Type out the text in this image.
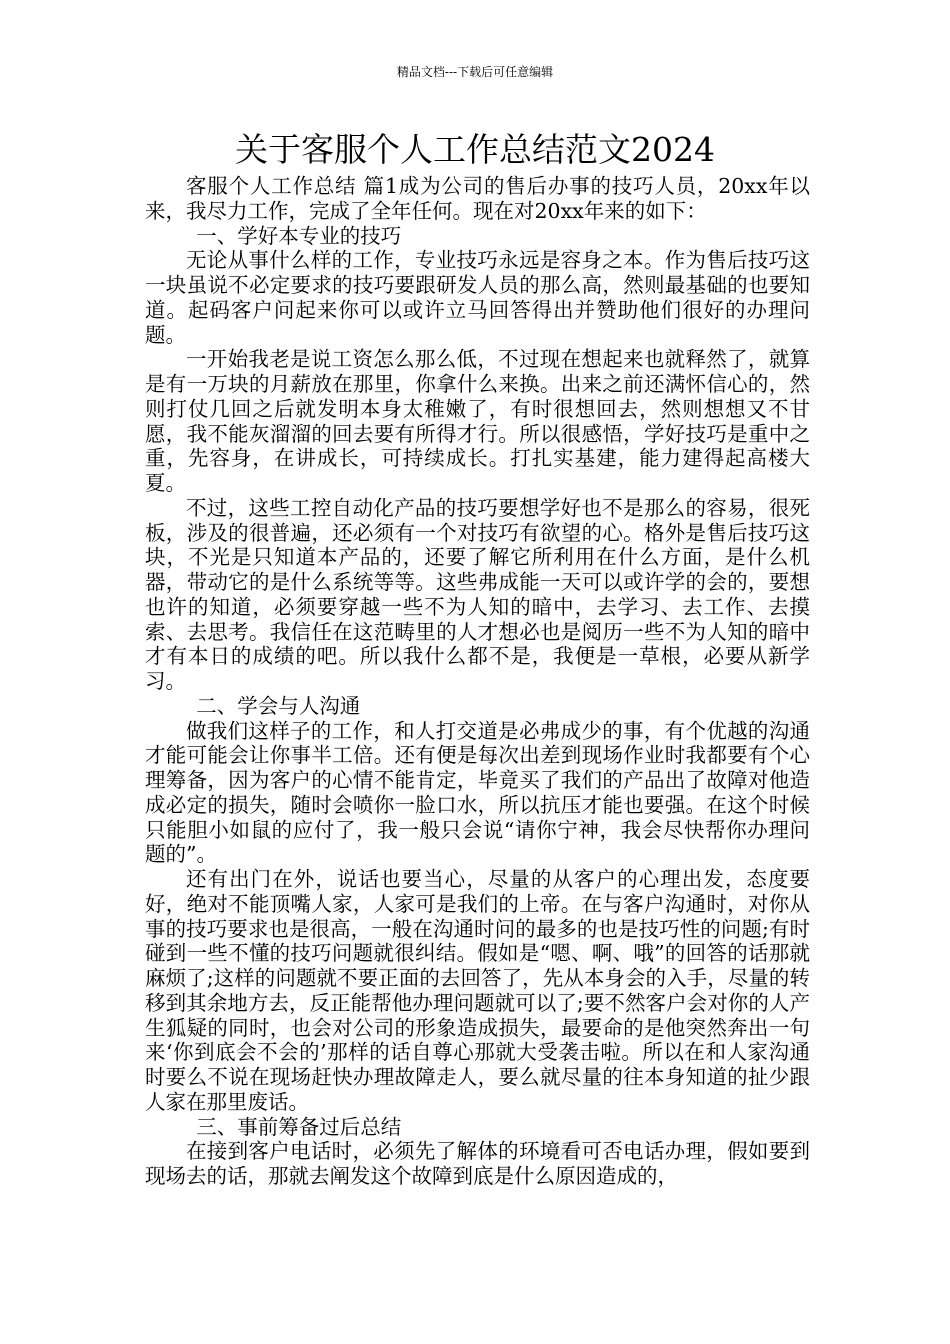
精品文档---下载后可任意编辑
关于客服个人工作总结范文2024

客服个人工作总结 篇1成为公司的售后办事的技巧人员，20xx年以来，我尽力工作，完成了全年任何。现在对20xx年来的如下：

一、学好本专业的技巧

无论从事什么样的工作，专业技巧永远是容身之本。作为售后技巧这一块虽说不必定要求的技巧要跟研发人员的那么高，然则最基础的也要知道。起码客户问起来你可以或许立马回答得出并赞助他们很好的办理问题。

一开始我老是说工资怎么那么低，不过现在想起来也就释然了，就算是有一万块的月薪放在那里，你拿什么来换。出来之前还满怀信心的，然则打仗几回之后就发明本身太稚嫩了，有时很想回去，然则想想又不甘愿，我不能灰溜溜的回去要有所得才行。所以很感悟，学好技巧是重中之重，先容身，在讲成长，可持续成长。打扎实基建，能力建得起高楼大夏。

不过，这些工控自动化产品的技巧要想学好也不是那么的容易，很死板，涉及的很普遍，还必须有一个对技巧有欲望的心。格外是售后技巧这块，不光是只知道本产品的，还要了解它所利用在什么方面，是什么机器，带动它的是什么系统等等。这些弗成能一天可以或许学的会的，要想也许的知道，必须要穿越一些不为人知的暗中，去学习、去工作、去摸索、去思考。我信任在这范畴里的人才想必也是阅历一些不为人知的暗中才有本日的成绩的吧。所以我什么都不是，我便是一草根，必要从新学习。

二、学会与人沟通

做我们这样子的工作，和人打交道是必弗成少的事，有个优越的沟通才能可能会让你事半工倍。还有便是每次出差到现场作业时我都要有个心理筹备，因为客户的心情不能肯定，毕竟买了我们的产品出了故障对他造成必定的损失，随时会喷你一脸口水，所以抗压才能也要强。在这个时候只能胆小如鼠的应付了，我一般只会说“请你宁神，我会尽快帮你办理问题的”。

还有出门在外，说话也要当心，尽量的从客户的心理出发，态度要好，绝对不能顶嘴人家，人家可是我们的上帝。在与客户沟通时，对你从事的技巧要求也是很高，一般在沟通时问的最多的也是技巧性的问题;有时碰到一些不懂的技巧问题就很纠结。假如是“嗯、啊、哦”的回答的话那就麻烦了;这样的问题就不要正面的去回答了，先从本身会的入手，尽量的转移到其余地方去，反正能帮他办理问题就可以了;要不然客户会对你的人产生狐疑的同时，也会对公司的形象造成损失，最要命的是他突然奔出一句来‘你到底会不会的’那样的话自尊心那就大受袭击啦。所以在和人家沟通时要么不说在现场赶快办理故障走人，要么就尽量的往本身知道的扯少跟人家在那里废话。

三、事前筹备过后总结

在接到客户电话时，必须先了解体的环境看可否电话办理，假如要到现场去的话，那就去阐发这个故障到底是什么原因造成的，
